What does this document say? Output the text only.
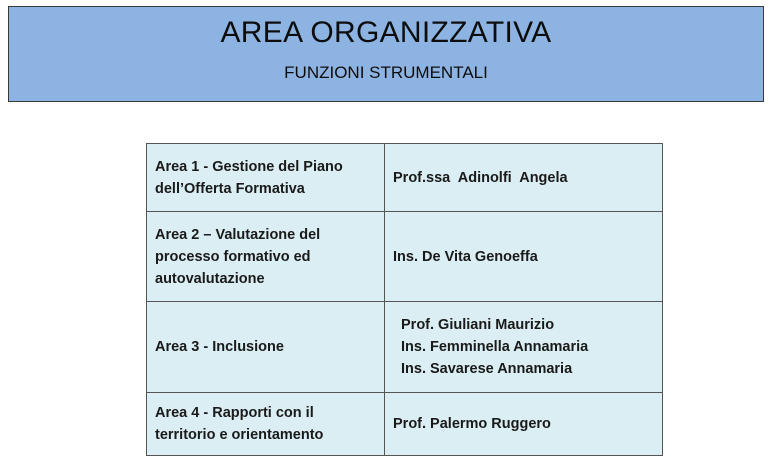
AREA ORGANIZZATIVA
FUNZIONI STRUMENTALI
Area 1 - Gestione del Piano
dell’Offerta Formativa	Prof.ssa  Adinolfi  Angela

Area 2 – Valutazione del
processo formativo ed
autovalutazione	Ins. De Vita Genoeffa

Area 3 - Inclusione	Prof. Giuliani Maurizio
Ins. Femminella Annamaria
Ins. Savarese Annamaria

Area 4 - Rapporti con il
territorio e orientamento	Prof. Palermo Ruggero
